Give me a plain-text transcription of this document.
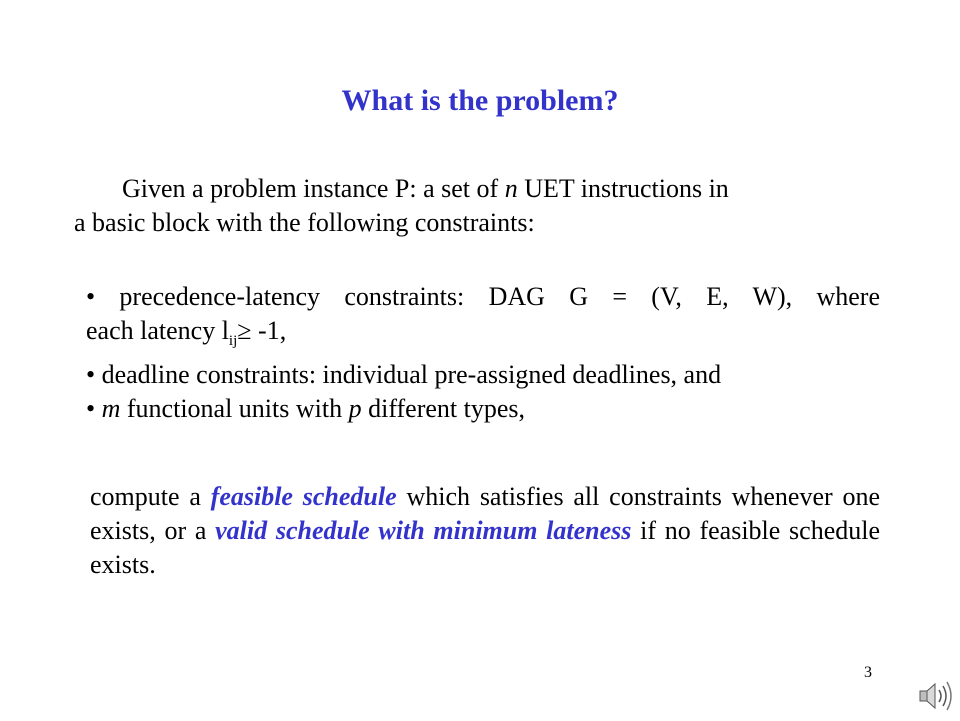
What is the problem?
Given a problem instance P: a set of n UET instructions in
a basic block with the following constraints:
• precedence-latency constraints: DAG G = (V, E, W), where
each latency $l_{ij}\ge -1$,
• deadline constraints: individual pre-assigned deadlines, and
• m functional units with p different types,
compute a feasible schedule which satisfies all constraints whenever one exists, or a valid schedule with minimum lateness if no feasible schedule exists.
3
